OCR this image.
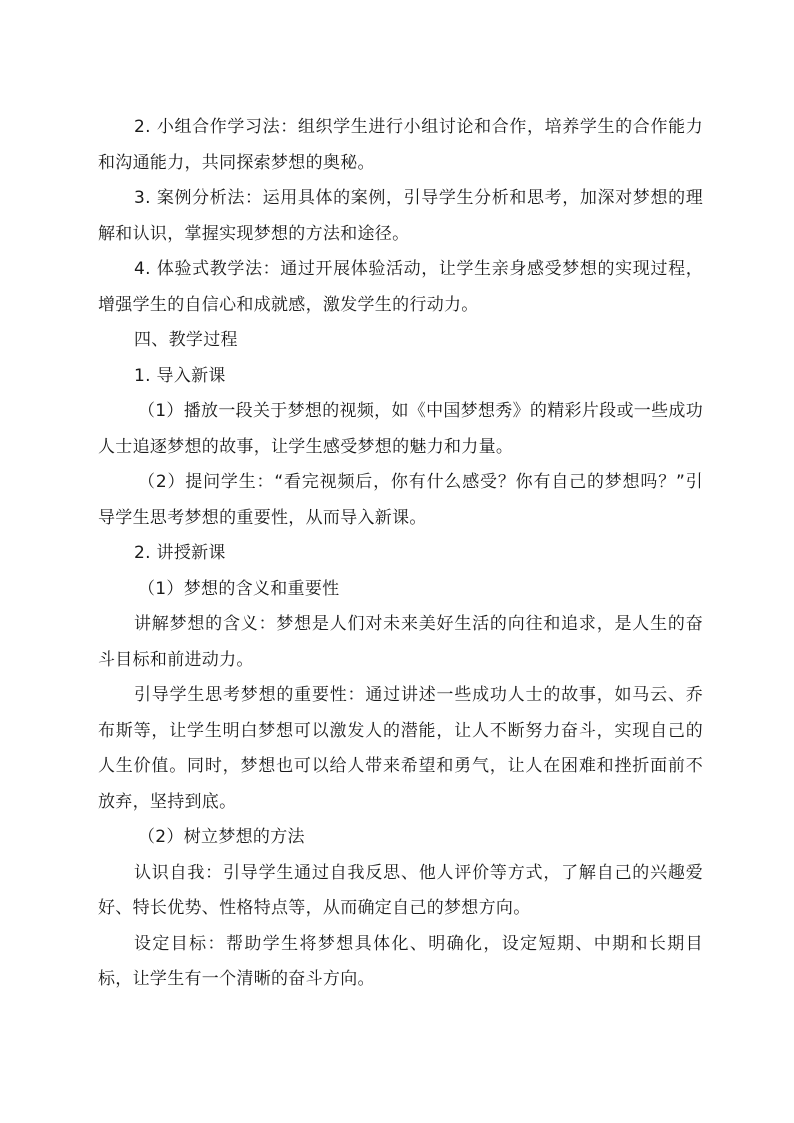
2. 小组合作学习法：组织学生进行小组讨论和合作，培养学生的合作能力和沟通能力，共同探索梦想的奥秘。

3. 案例分析法：运用具体的案例，引导学生分析和思考，加深对梦想的理解和认识，掌握实现梦想的方法和途径。

4. 体验式教学法：通过开展体验活动，让学生亲身感受梦想的实现过程，增强学生的自信心和成就感，激发学生的行动力。

四、教学过程

1. 导入新课

（1）播放一段关于梦想的视频，如《中国梦想秀》的精彩片段或一些成功人士追逐梦想的故事，让学生感受梦想的魅力和力量。

（2）提问学生：“看完视频后，你有什么感受？你有自己的梦想吗？”引导学生思考梦想的重要性，从而导入新课。

2. 讲授新课

（1）梦想的含义和重要性

讲解梦想的含义：梦想是人们对未来美好生活的向往和追求，是人生的奋斗目标和前进动力。

引导学生思考梦想的重要性：通过讲述一些成功人士的故事，如马云、乔布斯等，让学生明白梦想可以激发人的潜能，让人不断努力奋斗，实现自己的人生价值。同时，梦想也可以给人带来希望和勇气，让人在困难和挫折面前不放弃，坚持到底。

（2）树立梦想的方法

认识自我：引导学生通过自我反思、他人评价等方式，了解自己的兴趣爱好、特长优势、性格特点等，从而确定自己的梦想方向。

设定目标：帮助学生将梦想具体化、明确化，设定短期、中期和长期目标，让学生有一个清晰的奋斗方向。
